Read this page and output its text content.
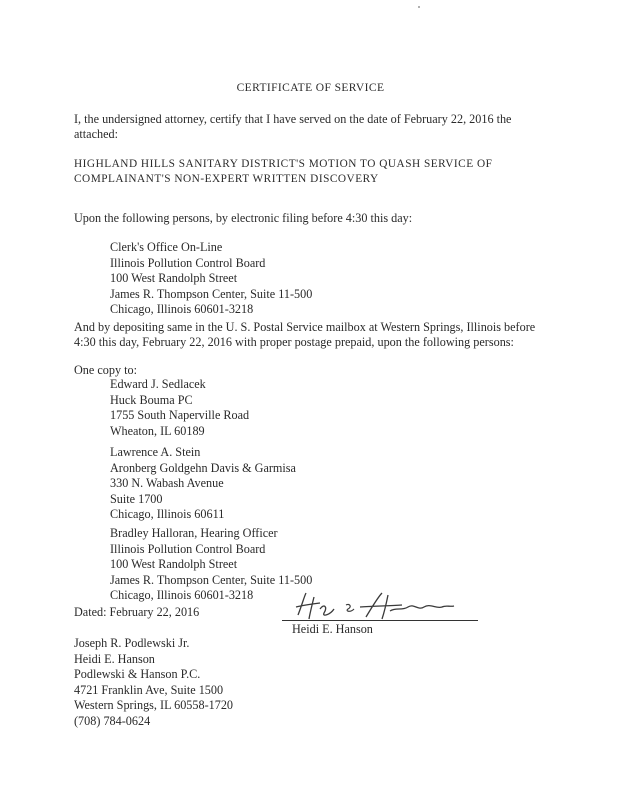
CERTIFICATE OF SERVICE
I, the undersigned attorney, certify that I have served on the date of February 22, 2016 the
attached:
HIGHLAND HILLS SANITARY DISTRICT'S MOTION TO QUASH SERVICE OF
COMPLAINANT'S NON-EXPERT WRITTEN DISCOVERY
Upon the following persons, by electronic filing before 4:30 this day:
Clerk's Office On-Line
Illinois Pollution Control Board
100 West Randolph Street
James R. Thompson Center, Suite 11-500
Chicago, Illinois 60601-3218
And by depositing same in the U. S. Postal Service mailbox at Western Springs, Illinois before
4:30 this day, February 22, 2016 with proper postage prepaid, upon the following persons:
One copy to:
Edward J. Sedlacek
Huck Bouma PC
1755 South Naperville Road
Wheaton, IL 60189
Lawrence A. Stein
Aronberg Goldgehn Davis & Garmisa
330 N. Wabash Avenue
Suite 1700
Chicago, Illinois 60611
Bradley Halloran, Hearing Officer
Illinois Pollution Control Board
100 West Randolph Street
James R. Thompson Center, Suite 11-500
Chicago, Illinois 60601-3218
Dated: February 22, 2016
Heidi E. Hanson
Joseph R. Podlewski Jr.
Heidi E. Hanson
Podlewski & Hanson P.C.
4721 Franklin Ave, Suite 1500
Western Springs, IL 60558-1720
(708) 784-0624
